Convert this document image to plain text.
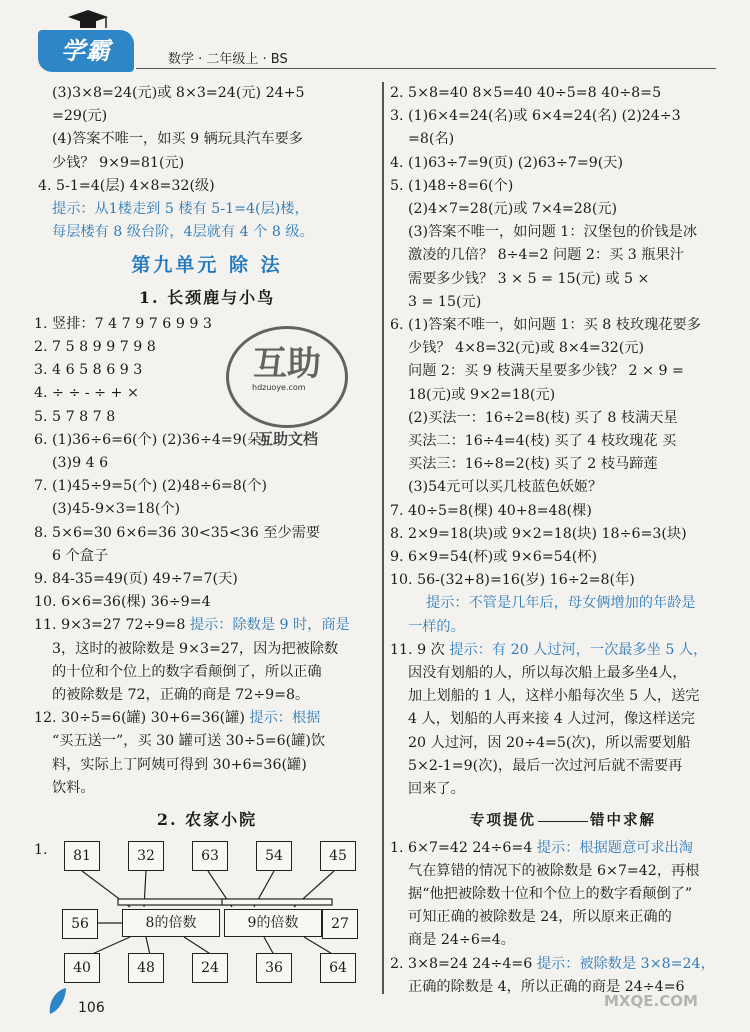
学霸	数学 · 二年级上 · BS
(3)3×8=24(元)或 8×3=24(元) 24+5
=29(元)
(4)答案不唯一，如买 9 辆玩具汽车要多
少钱？ 9×9=81(元)
4. 5-1=4(层) 4×8=32(级)
提示：从1楼走到 5 楼有 5-1=4(层)楼，
每层楼有 8 级台阶，4层就有 4 个 8 级。
第九单元 除 法
1. 长颈鹿与小鸟
1. 竖排：7 4 7 9 7 6 9 9 3
2. 7 5 8 9 9 7 9 8
3. 4 6 5 8 6 9 3
4. ÷ ÷ - ÷ + ×
5. 5 7 8 7 8
6. (1)36÷6=6(个) (2)36÷4=9(朵)
(3)9 4 6
7. (1)45÷9=5(个) (2)48÷6=8(个)
(3)45-9×3=18(个)
8. 5×6=30 6×6=36 30<35<36 至少需要
6 个盒子
9. 84-35=49(页) 49÷7=7(天)
10. 6×6=36(棵) 36÷9=4
11. 9×3=27 72÷9=8 提示：除数是 9 时，商是
3，这时的被除数是 9×3=27，因为把被除数
的十位和个位上的数字看颠倒了，所以正确
的被除数是 72，正确的商是 72÷9=8。
12. 30÷5=6(罐) 30+6=36(罐) 提示：根据
“买五送一”，买 30 罐可送 30÷5=6(罐)饮
料，实际上丁阿姨可得到 30+6=36(罐)
饮料。
2. 农家小院
1.	81	32	63	54	45
56	27
8的倍数	9的倍数
40	48	24	36	64
互助
hdzuoye.com
互助文档
2. 5×8=40 8×5=40 40÷5=8 40÷8=5
3. (1)6×4=24(名)或 6×4=24(名) (2)24÷3
=8(名)
4. (1)63÷7=9(页) (2)63÷7=9(天)
5. (1)48÷8=6(个)
(2)4×7=28(元)或 7×4=28(元)
(3)答案不唯一，如问题 1：汉堡包的价钱是冰
激凌的几倍？ 8÷4=2 问题 2：买 3 瓶果汁
需要多少钱？ 3 × 5 = 15(元) 或 5 ×
3 = 15(元)
6. (1)答案不唯一，如问题 1：买 8 枝玫瑰花要多
少钱？ 4×8=32(元)或 8×4=32(元)
问题 2：买 9 枝满天星要多少钱？ 2 × 9 =
18(元)或 9×2=18(元)
(2)买法一：16÷2=8(枝) 买了 8 枝满天星
买法二：16÷4=4(枝) 买了 4 枝玫瑰花 买
买法三：16÷8=2(枝) 买了 2 枝马蹄莲
(3)54元可以买几枝蓝色妖姬？
7. 40÷5=8(棵) 40+8=48(棵)
8. 2×9=18(块)或 9×2=18(块) 18÷6=3(块)
9. 6×9=54(杯)或 9×6=54(杯)
10. 56-(32+8)=16(岁) 16÷2=8(年)
提示：不管是几年后，母女俩增加的年龄是
一样的。
11. 9 次 提示：有 20 人过河，一次最多坐 5 人，
因没有划船的人，所以每次船上最多坐4人，
加上划船的 1 人，这样小船每次坐 5 人，送完
4 人，划船的人再来接 4 人过河，像这样送完
20 人过河，因 20÷4=5(次)，所以需要划船
5×2-1=9(次)，最后一次过河后就不需要再
回来了。
专项提优	错中求解
1. 6×7=42 24÷6=4 提示：根据题意可求出淘
气在算错的情况下的被除数是 6×7=42，再根
据“他把被除数十位和个位上的数字看颠倒了”
可知正确的被除数是 24，所以原来正确的
商是 24÷6=4。
2. 3×8=24 24÷4=6 提示：被除数是 3×8=24，
正确的除数是 4，所以正确的商是 24÷4=6
106	MXQE.COM
